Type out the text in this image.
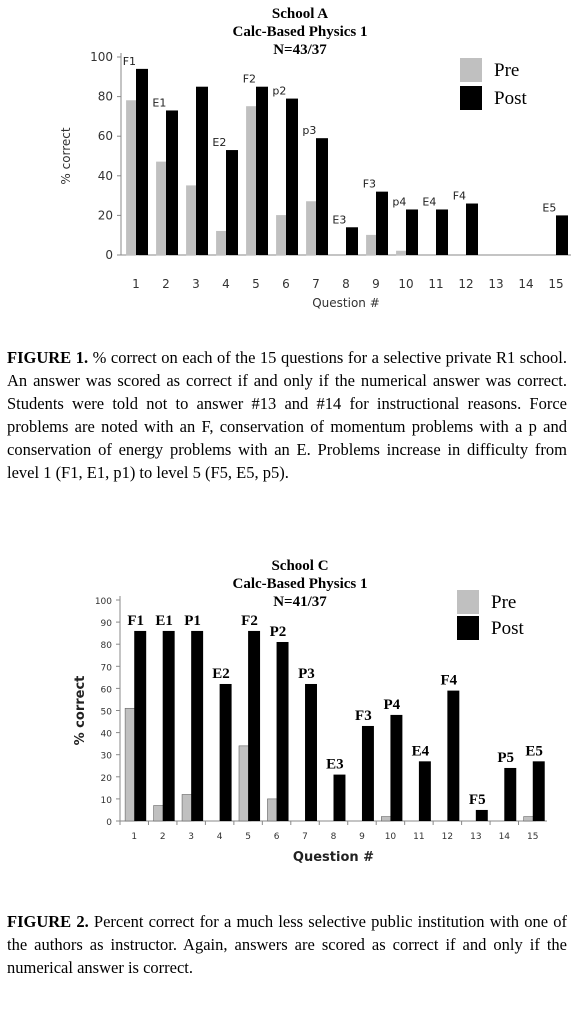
School A
Calc-Based Physics 1
N=43/37
0
20
40
60
80
100
1
F1
2
E1
3 4
E2
5
F2
6
p2
7
p3
8
E3
9
F3
10
p4
11
E4
12
F4
13 14 15
E5
Question #
% correct
Pre
Post
FIGURE 1. % correct on each of the 15 questions for a selective private R1 school. An answer was scored as correct if and only if the numerical answer was correct. Students were told not to answer #13 and #14 for instructional reasons. Force problems are noted with an F, conservation of momentum problems with a p and conservation of energy problems with an E. Problems increase in difficulty from level 1 (F1, E1, p1) to level 5 (F5, E5, p5).
School C
Calc-Based Physics 1
N=41/37
0
10
20
30
40
50
60
70
80
90
100
1
F1
2
E1
3
P1
4
E2
5
F2
6
P2
7
P3
8
E3
9
F3
10
P4
11
E4
12
F4
13
F5
14
P5
15
E5
Question #
% correct
Pre
Post
FIGURE 2. Percent correct for a much less selective public institution with one of the authors as instructor. Again, answers are scored as correct if and only if the numerical answer is correct.
